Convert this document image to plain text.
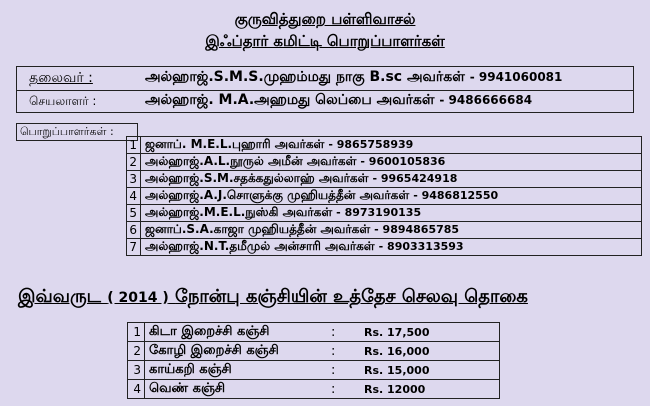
குருவித்துறை பள்ளிவாசல்
இஃப்தார் கமிட்டி பொறுப்பாளர்கள்
தலைவர் :	அல்ஹாஜ்.S.M.S.முஹம்மது நாகு B.sc அவர்கள் - 9941060081
செயலாளர் :	அல்ஹாஜ். M.A.அஹமது லெப்பை அவர்கள் - 9486666684
பொறுப்பாளர்கள் :
1	ஜனாப். M.E.L.புஹாரி அவர்கள் - 9865758939
2	அல்ஹாஜ்.A.L.நூருல் அமீன் அவர்கள் - 9600105836
3	அல்ஹாஜ்.S.M.சதக்கதுல்லாஹ் அவர்கள் - 9965424918
4	அல்ஹாஜ்.A.J.சொளுக்கு முஹியத்தீன் அவர்கள் - 9486812550
5	அல்ஹாஜ்.M.E.L.நுஸ்கி அவர்கள் - 8973190135
6	ஜனாப்.S.A.காஜா முஹியத்தீன் அவர்கள் - 9894865785
7	அல்ஹாஜ்.N.T.தமீமுல் அன்சாரி அவர்கள் - 8903313593
இவ்வருட ( 2014 ) நோன்பு கஞ்சியின் உத்தேச செலவு தொகை
1	கிடா இறைச்சி கஞ்சி	:	Rs. 17,500
2	கோழி இறைச்சி கஞ்சி	:	Rs. 16,000
3	காய்கறி கஞ்சி	:	Rs. 15,000
4	வெண் கஞ்சி	:	Rs. 12000
